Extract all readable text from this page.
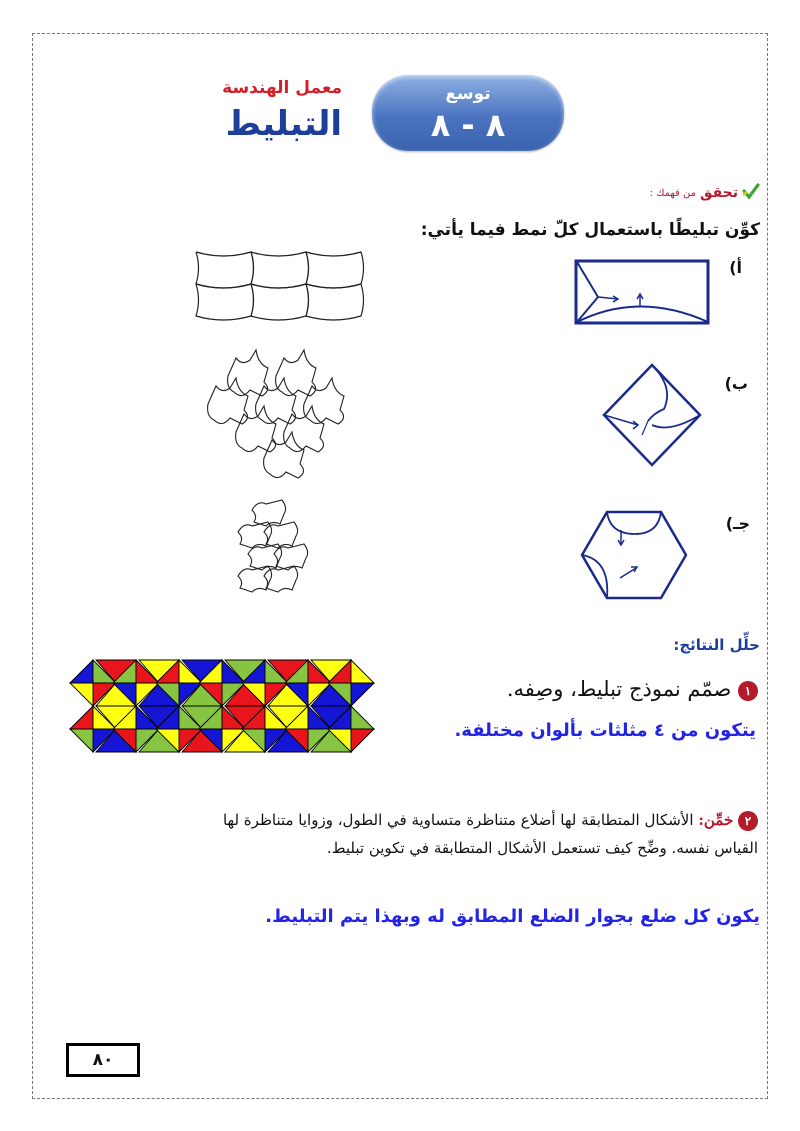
معمل الهندسة
التبليط
توسع
٨ - ٨
تحقق
من فهمك :
كوِّن تبليطًا باستعمال كلّ نمط فيما يأتي:
أ)
ب)
جـ)
حلِّل النتائج:
١ صمّم نموذج تبليط، وصِفه.
يتكون من ٤ مثلثات بألوان مختلفة.
٢ خمِّن: الأشكال المتطابقة لها أضلاع متناظرة متساوية في الطول، وزوايا متناظرة لها القياس نفسه. وضِّح كيف تستعمل الأشكال المتطابقة في تكوين تبليط.
يكون كل ضلع بجوار الضلع المطابق له وبهذا يتم التبليط.
٨٠
